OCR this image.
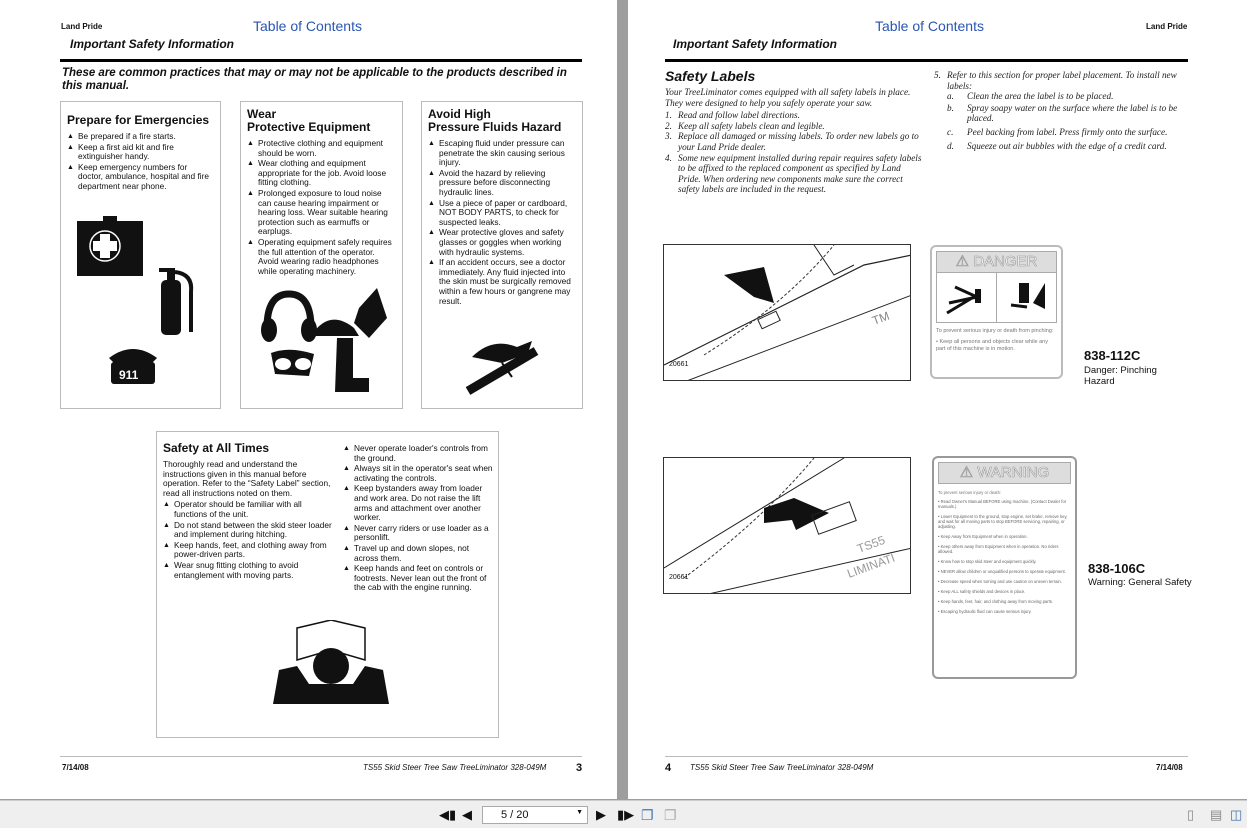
Land Pride	Table of Contents
Important Safety Information
These are common practices that may or may not be applicable to the products described in this manual.
Prepare for Emergencies
▲ Be prepared if a fire starts.
▲ Keep a first aid kit and fire extinguisher handy.
▲ Keep emergency numbers for doctor, ambulance, hospital and fire department near phone.
911
Wear
Protective Equipment
▲ Protective clothing and equipment should be worn.
▲ Wear clothing and equipment appropriate for the job. Avoid loose fitting clothing.
▲ Prolonged exposure to loud noise can cause hearing impairment or hearing loss. Wear suitable hearing protection such as earmuffs or earplugs.
▲ Operating equipment safely requires the full attention of the operator. Avoid wearing radio headphones while operating machinery.
Avoid High
Pressure Fluids Hazard
▲ Escaping fluid under pressure can penetrate the skin causing serious injury.
▲ Avoid the hazard by relieving pressure before disconnecting hydraulic lines.
▲ Use a piece of paper or cardboard, NOT BODY PARTS, to check for suspected leaks.
▲ Wear protective gloves and safety glasses or goggles when working with hydraulic systems.
▲ If an accident occurs, see a doctor immediately. Any fluid injected into the skin must be surgically removed within a few hours or gangrene may result.
Safety at All Times
Thoroughly read and understand the instructions given in this manual before operation. Refer to the “Safety Label” section, read all instructions noted on them.
▲ Operator should be familiar with all functions of the unit.
▲ Do not stand between the skid steer loader and implement during hitching.
▲ Keep hands, feet, and clothing away from power-driven parts.
▲ Wear snug fitting clothing to avoid entanglement with moving parts.
▲ Never operate loader's controls from the ground.
▲ Always sit in the operator's seat when activating the controls.
▲ Keep bystanders away from loader and work area. Do not raise the lift arms and attachment over another worker.
▲ Never carry riders or use loader as a personlift.
▲ Travel up and down slopes, not across them.
▲ Keep hands and feet on controls or footrests. Never lean out the front of the cab with the engine running.
7/14/08	TS55 Skid Steer Tree Saw TreeLiminator 328-049M	3
Table of Contents	Land Pride
Important Safety Information
Safety Labels
Your TreeLiminator comes equipped with all safety labels in place. They were designed to help you safely operate your saw.
1. Read and follow label directions.
2. Keep all safety labels clean and legible.
3. Replace all damaged or missing labels. To order new labels go to your Land Pride dealer.
4. Some new equipment installed during repair requires safety labels to be affixed to the replaced component as specified by Land Pride. When ordering new components make sure the correct safety labels are included in the request.
5. Refer to this section for proper label placement. To install new labels:
a. Clean the area the label is to be placed.
b. Spray soapy water on the surface where the label is to be placed.
c. Peel backing from label. Press firmly onto the surface.
d. Squeeze out air bubbles with the edge of a credit card.
TM
20661
⚠ DANGER
To prevent serious injury or death from pinching:
• Keep all persons and objects clear while any part of this machine is in motion.	838-112C
Danger: Pinching Hazard
TS55
LIMINATI
20661
⚠ WARNING
To prevent serious injury or death:
• Read Owner's Manual BEFORE using machine. (Contact Dealer for manuals.)
• Lower Equipment to the ground, stop engine, set brake, remove key, and wait for all moving parts to stop BEFORE servicing, repairing, or adjusting.
• Keep Away from Equipment when in operation.
• Keep others away from Equipment when in operation. No riders allowed.
• Know how to stop skid steer and equipment quickly.
• NEVER allow children or unqualified persons to operate equipment.
• Decrease speed when turning and use caution on uneven terrain.
• Keep ALL safety shields and devices in place.
• Keep hands, feet, hair, and clothing away from moving parts.
• Escaping hydraulic fluid can cause serious injury.
838-106C
Warning: General Safety
4 TS55 Skid Steer Tree Saw TreeLiminator 328-049M	7/14/08
◀▮ ◀	▶ ▮▶ ❐ ❐	▯ ▤ ◫
5 / 20	▼
